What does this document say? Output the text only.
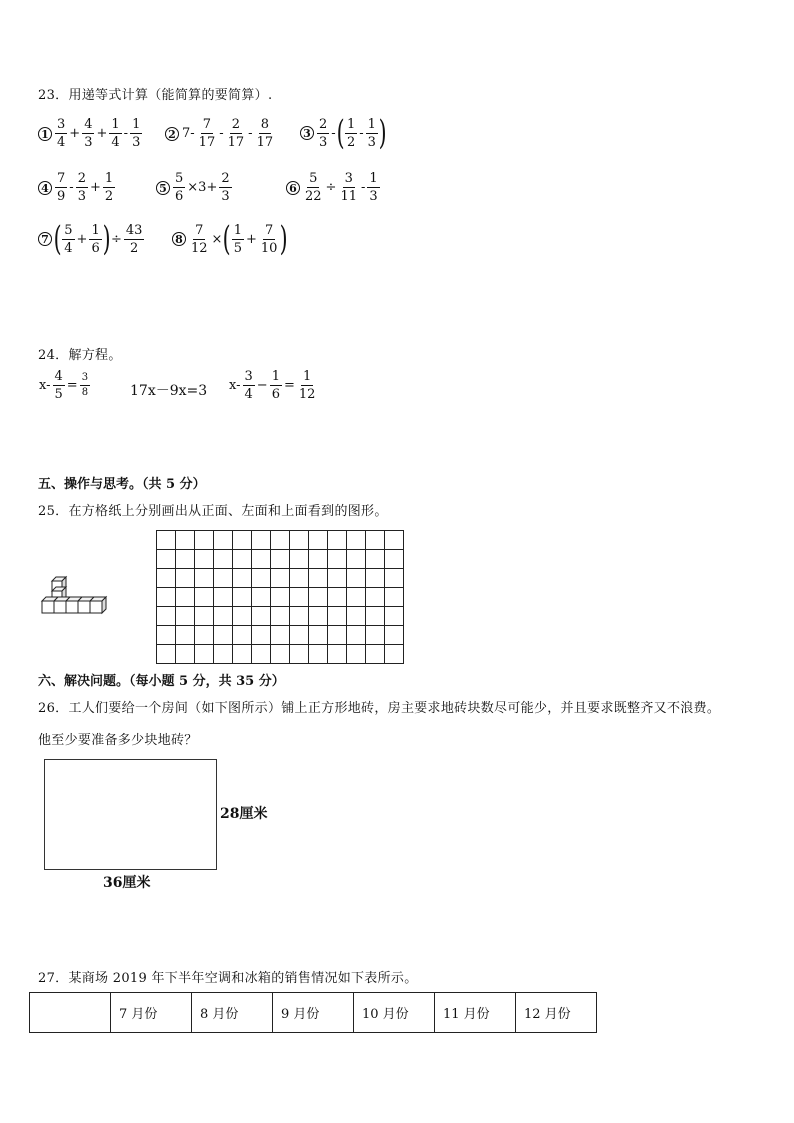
23．用递等式计算（能简算的要简算）.
$1 \frac{3}{4} + \frac{4}{3} + \frac{1}{4} - \frac{1}{3} 2$ $7- \frac{7}{17} - \frac{2}{17} - \frac{8}{17}$	$3 \frac{2}{3}$ - ( $\frac{1}{2} - \frac{1}{3}$ )
$4 \frac{7}{9} - \frac{2}{3} + \frac{1}{2}$	$5 \frac{5}{6} \times 3+ \frac{2}{3}$	$6 \frac{5}{22} \div \frac{3}{11} - \frac{1}{3}$
7 ( $\frac{5}{4} + \frac{1}{6}$ ) ÷ $\frac{43}{2}$	$8 \frac{7}{12}$ × ( $\frac{1}{5} + \frac{7}{10}$ )
24．解方程。
$x- \frac{4}{5} = \frac{3}{8}$	17x－9x=3 $x- \frac{3}{4} - \frac{1}{6} = \frac{1}{12}$
五、操作与思考。（共 5 分）
25．在方格纸上分别画出从正面、左面和上面看到的图形。

六、解决问题。（每小题 5 分，共 35 分）
26．工人们要给一个房间（如下图所示）铺上正方形地砖，房主要求地砖块数尽可能少，并且要求既整齐又不浪费。
他至少要准备多少块地砖？
28厘米
36厘米
27．某商场 2019 年下半年空调和冰箱的销售情况如下表所示。
	7 月份	8 月份	9 月份	10 月份	11 月份	12 月份
